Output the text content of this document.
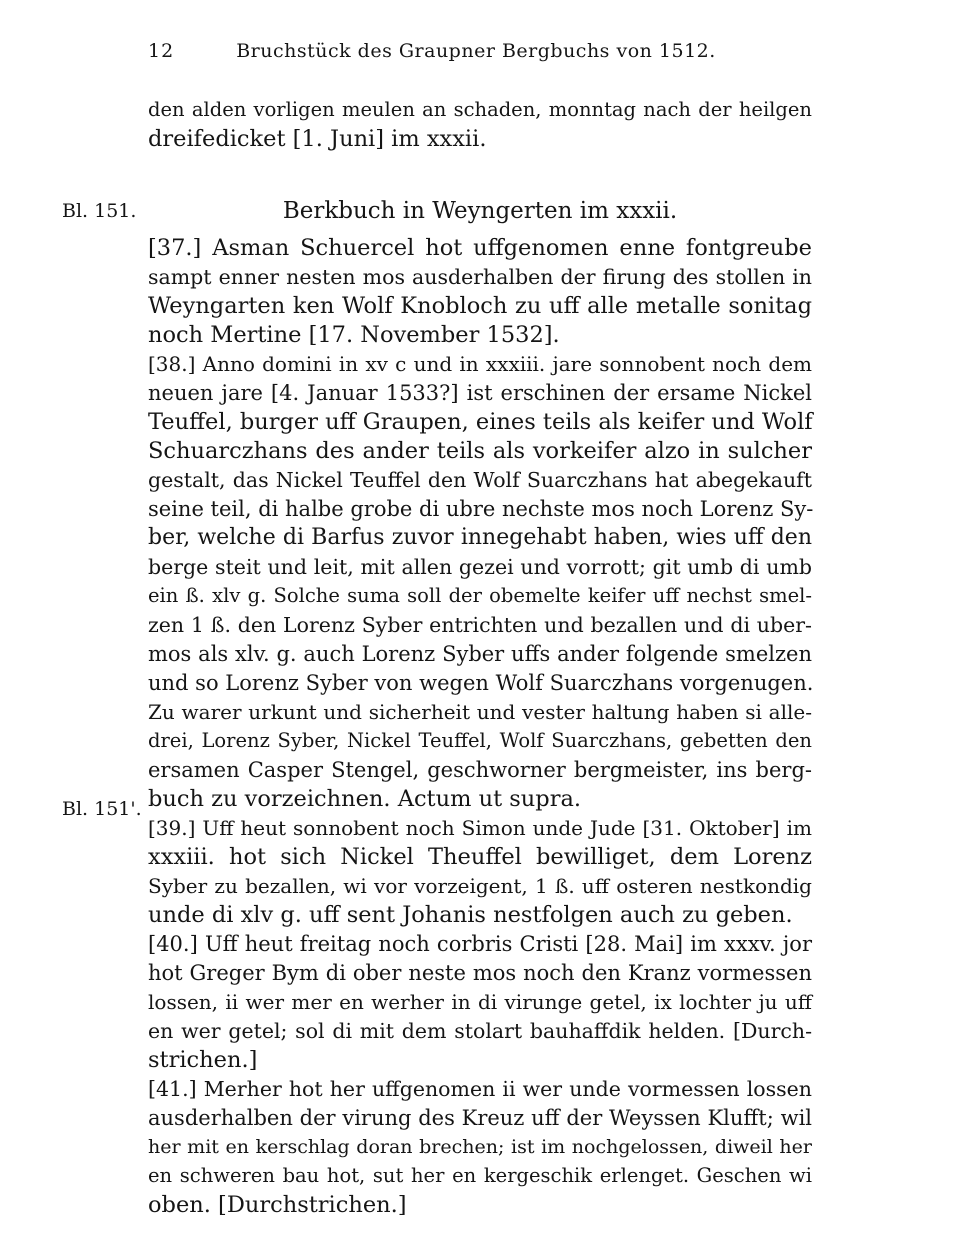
12	Bruchstück des Graupner Bergbuchs von 1512.
den alden vorligen meulen an schaden, monntag nach der heilgen
dreifedicket [1. Juni] im xxxii.
Bl. 151.	Berkbuch in Weyngerten im xxxii.
[37.] Asman Schuercel hot uffgenomen enne fontgreube
sampt enner nesten mos ausderhalben der firung des stollen in
Weyngarten ken Wolf Knobloch zu uff alle metalle sonitag
noch Mertine [17. November 1532].
[38.] Anno domini in xv c und in xxxiii. jare sonnobent noch dem
neuen jare [4. Januar 1533?] ist erschinen der ersame Nickel
Teuffel, burger uff Graupen, eines teils als keifer und Wolf
Schuarczhans des ander teils als vorkeifer alzo in sulcher
gestalt, das Nickel Teuffel den Wolf Suarczhans hat abegekauft
seine teil, di halbe grobe di ubre nechste mos noch Lorenz Sy-
ber, welche di Barfus zuvor innegehabt haben, wies uff den
berge steit und leit, mit allen gezei und vorrott; git umb di umb
ein ß. xlv g. Solche suma soll der obemelte keifer uff nechst smel-
zen 1 ß. den Lorenz Syber entrichten und bezallen und di uber-
mos als xlv. g. auch Lorenz Syber uffs ander folgende smelzen
und so Lorenz Syber von wegen Wolf Suarczhans vorgenugen.
Zu warer urkunt und sicherheit und vester haltung haben si alle-
drei, Lorenz Syber, Nickel Teuffel, Wolf Suarczhans, gebetten den
ersamen Casper Stengel, geschworner bergmeister, ins berg-
buch zu vorzeichnen. Actum ut supra.
[39.] Uff heut sonnobent noch Simon unde Jude [31. Oktober] im
xxxiii. hot sich Nickel Theuffel bewilliget, dem Lorenz
Syber zu bezallen, wi vor vorzeigent, 1 ß. uff osteren nestkondig
unde di xlv g. uff sent Johanis nestfolgen auch zu geben.
[40.] Uff heut freitag noch corbris Cristi [28. Mai] im xxxv. jor
hot Greger Bym di ober neste mos noch den Kranz vormessen
lossen, ii wer mer en werher in di virunge getel, ix lochter ju uff
en wer getel; sol di mit dem stolart bauhaffdik helden. [Durch-
strichen.]
[41.] Merher hot her uffgenomen ii wer unde vormessen lossen
ausderhalben der virung des Kreuz uff der Weyssen Klufft; wil
her mit en kerschlag doran brechen; ist im nochgelossen, diweil her
en schweren bau hot, sut her en kergeschik erlenget. Geschen wi
oben. [Durchstrichen.]
Bl. 151'.
